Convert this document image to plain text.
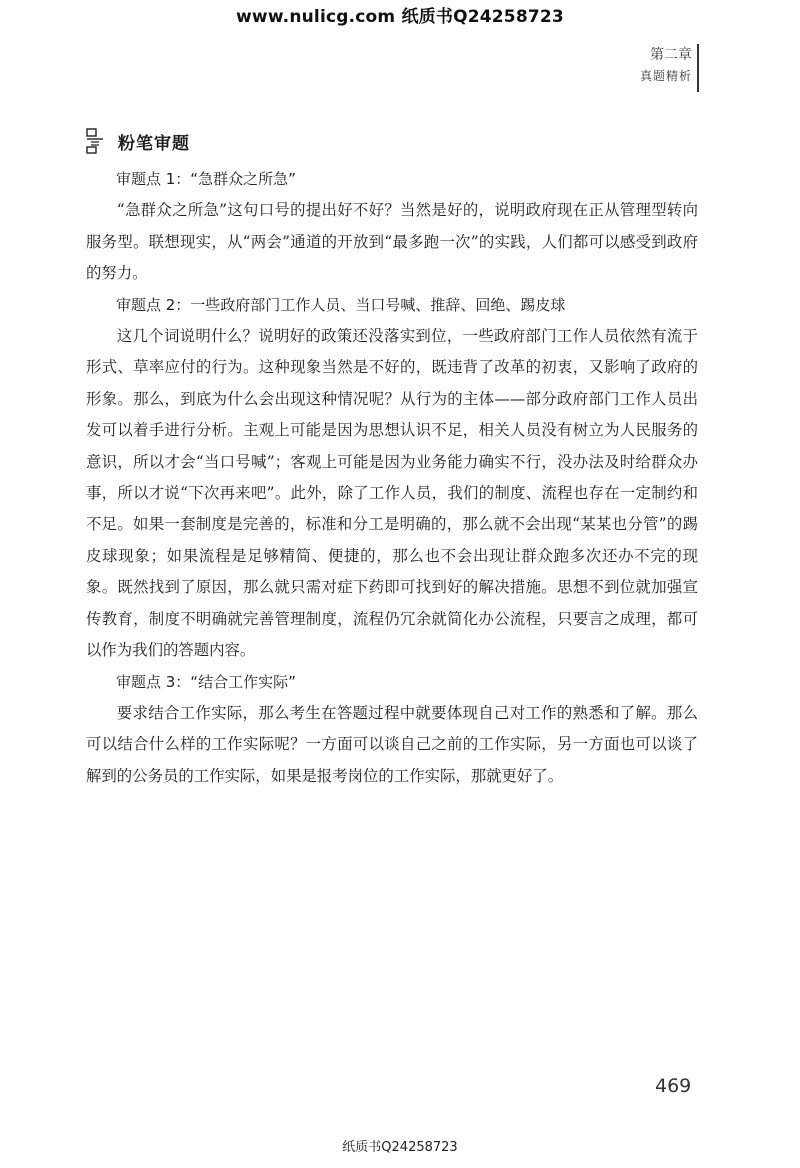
www.nulicg.com 纸质书Q24258723
第二章
真题精析
粉笔审题

审题点 1：“急群众之所急”

“急群众之所急”这句口号的提出好不好？当然是好的，说明政府现在正从管理型转向服务型。联想现实，从“两会”通道的开放到“最多跑一次”的实践，人们都可以感受到政府的努力。

审题点 2：一些政府部门工作人员、当口号喊、推辞、回绝、踢皮球

这几个词说明什么？说明好的政策还没落实到位，一些政府部门工作人员依然有流于形式、草率应付的行为。这种现象当然是不好的，既违背了改革的初衷，又影响了政府的形象。那么，到底为什么会出现这种情况呢？从行为的主体——部分政府部门工作人员出发可以着手进行分析。主观上可能是因为思想认识不足，相关人员没有树立为人民服务的意识，所以才会“当口号喊”；客观上可能是因为业务能力确实不行，没办法及时给群众办事，所以才说“下次再来吧”。此外，除了工作人员，我们的制度、流程也存在一定制约和不足。如果一套制度是完善的，标准和分工是明确的，那么就不会出现“某某也分管”的踢皮球现象；如果流程是足够精简、便捷的，那么也不会出现让群众跑多次还办不完的现象。既然找到了原因，那么就只需对症下药即可找到好的解决措施。思想不到位就加强宣传教育，制度不明确就完善管理制度，流程仍冗余就简化办公流程，只要言之成理，都可以作为我们的答题内容。

审题点 3：“结合工作实际”

要求结合工作实际，那么考生在答题过程中就要体现自己对工作的熟悉和了解。那么可以结合什么样的工作实际呢？一方面可以谈自己之前的工作实际，另一方面也可以谈了解到的公务员的工作实际，如果是报考岗位的工作实际，那就更好了。

469
纸质书Q24258723
